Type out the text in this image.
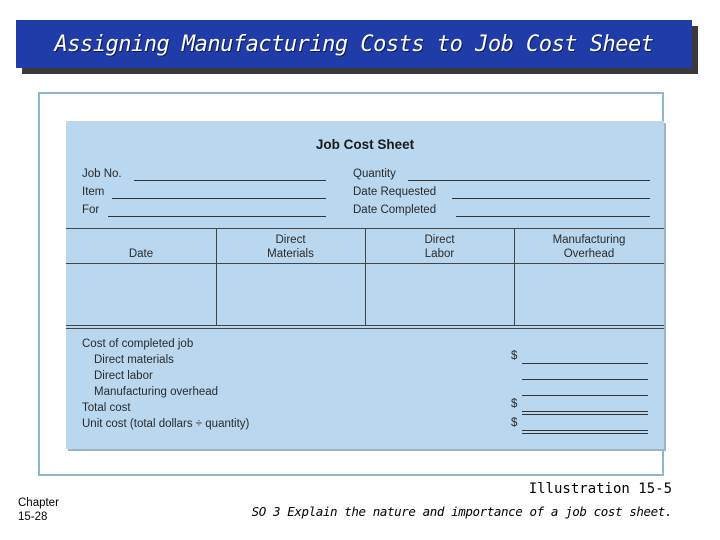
Assigning Manufacturing Costs to Job Cost Sheet
Job Cost Sheet
Job No.
Item
For
Quantity
Date Requested
Date Completed

Date
Direct
Materials
Direct
Labor
Manufacturing
Overhead
Cost of completed job
Direct materials
Direct labor
Manufacturing overhead
Total cost
Unit cost (total dollars ÷ quantity)
$
$
$
Chapter
15-28
Illustration 15-5
SO 3 Explain the nature and importance of a job cost sheet.
